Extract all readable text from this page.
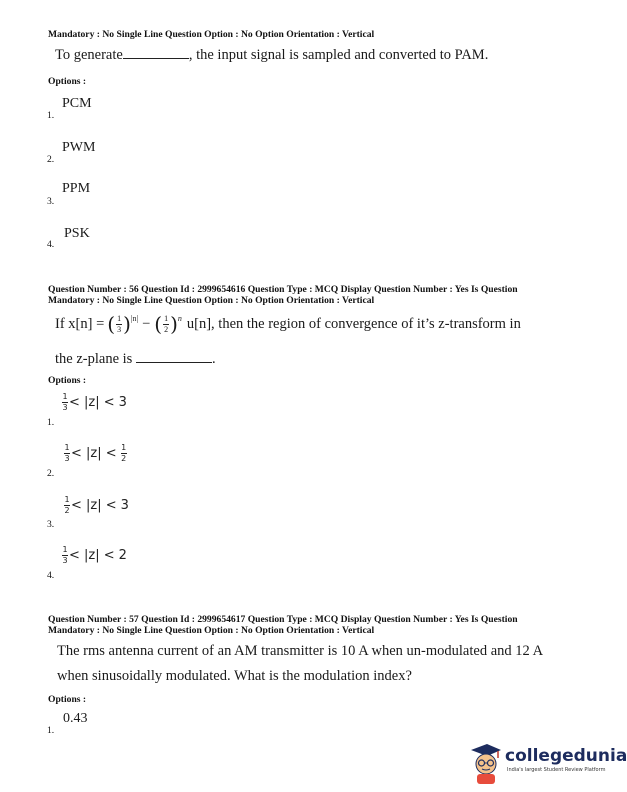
Mandatory : No Single Line Question Option : No Option Orientation : Vertical
To generate	, the input signal is sampled and converted to PAM.
Options :
PCM
1.
PWM
2.
PPM
3.
PSK
4.
Question Number : 56 Question Id : 2999654616 Question Type : MCQ Display Question Number : Yes Is Question
Mandatory : No Single Line Question Option : No Option Orientation : Vertical
If x[n] = ( $\frac{1}{3}$ ) |n| − ( $\frac{1}{2}$ ) n u[n], then the region of convergence of it’s z-transform in
the z-plane is	.
Options :
$\frac{1}{3} < |z| < 3$
1.
$\frac{1}{3} < |z| < \frac{1}{2}$
2.
$\frac{1}{2} < |z| < 3$
3.
$\frac{1}{3} < |z| < 2$
4.
Question Number : 57 Question Id : 2999654617 Question Type : MCQ Display Question Number : Yes Is Question
Mandatory : No Single Line Question Option : No Option Orientation : Vertical
The rms antenna current of an AM transmitter is 10 A when un-modulated and 12 A
when sinusoidally modulated. What is the modulation index?
Options :
0.43
1.
collegedunia
India's largest Student Review Platform
